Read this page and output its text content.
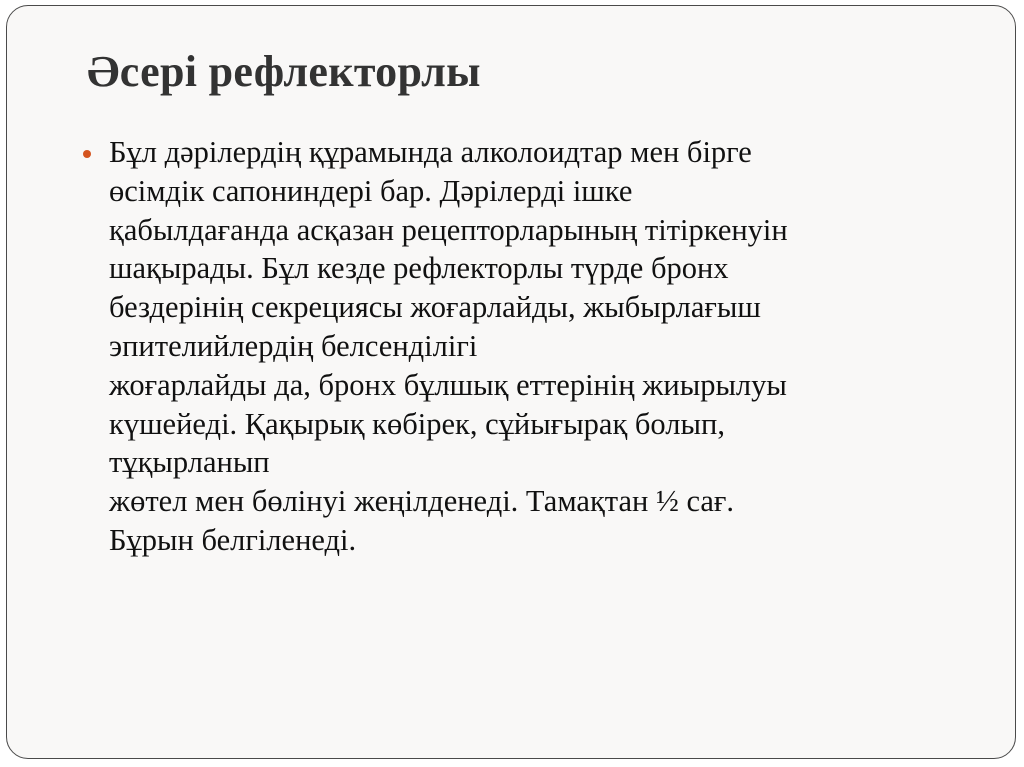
Әсері рефлекторлы
Бұл дәрілердің құрамында алколоидтар мен бірге
өсімдік сапониндері бар. Дәрілерді ішке
қабылдағанда асқазан рецепторларының тітіркенуін
шақырады. Бұл кезде рефлекторлы түрде бронх
бездерінің секрециясы жоғарлайды, жыбырлағыш
эпителийлердің белсенділігі
жоғарлайды да, бронх бұлшық еттерінің жиырылуы
күшейеді. Қақырық көбірек, сұйығырақ болып,
тұқырланып
жөтел мен бөлінуі жеңілденеді. Тамақтан ½ сағ.
Бұрын белгіленеді.
